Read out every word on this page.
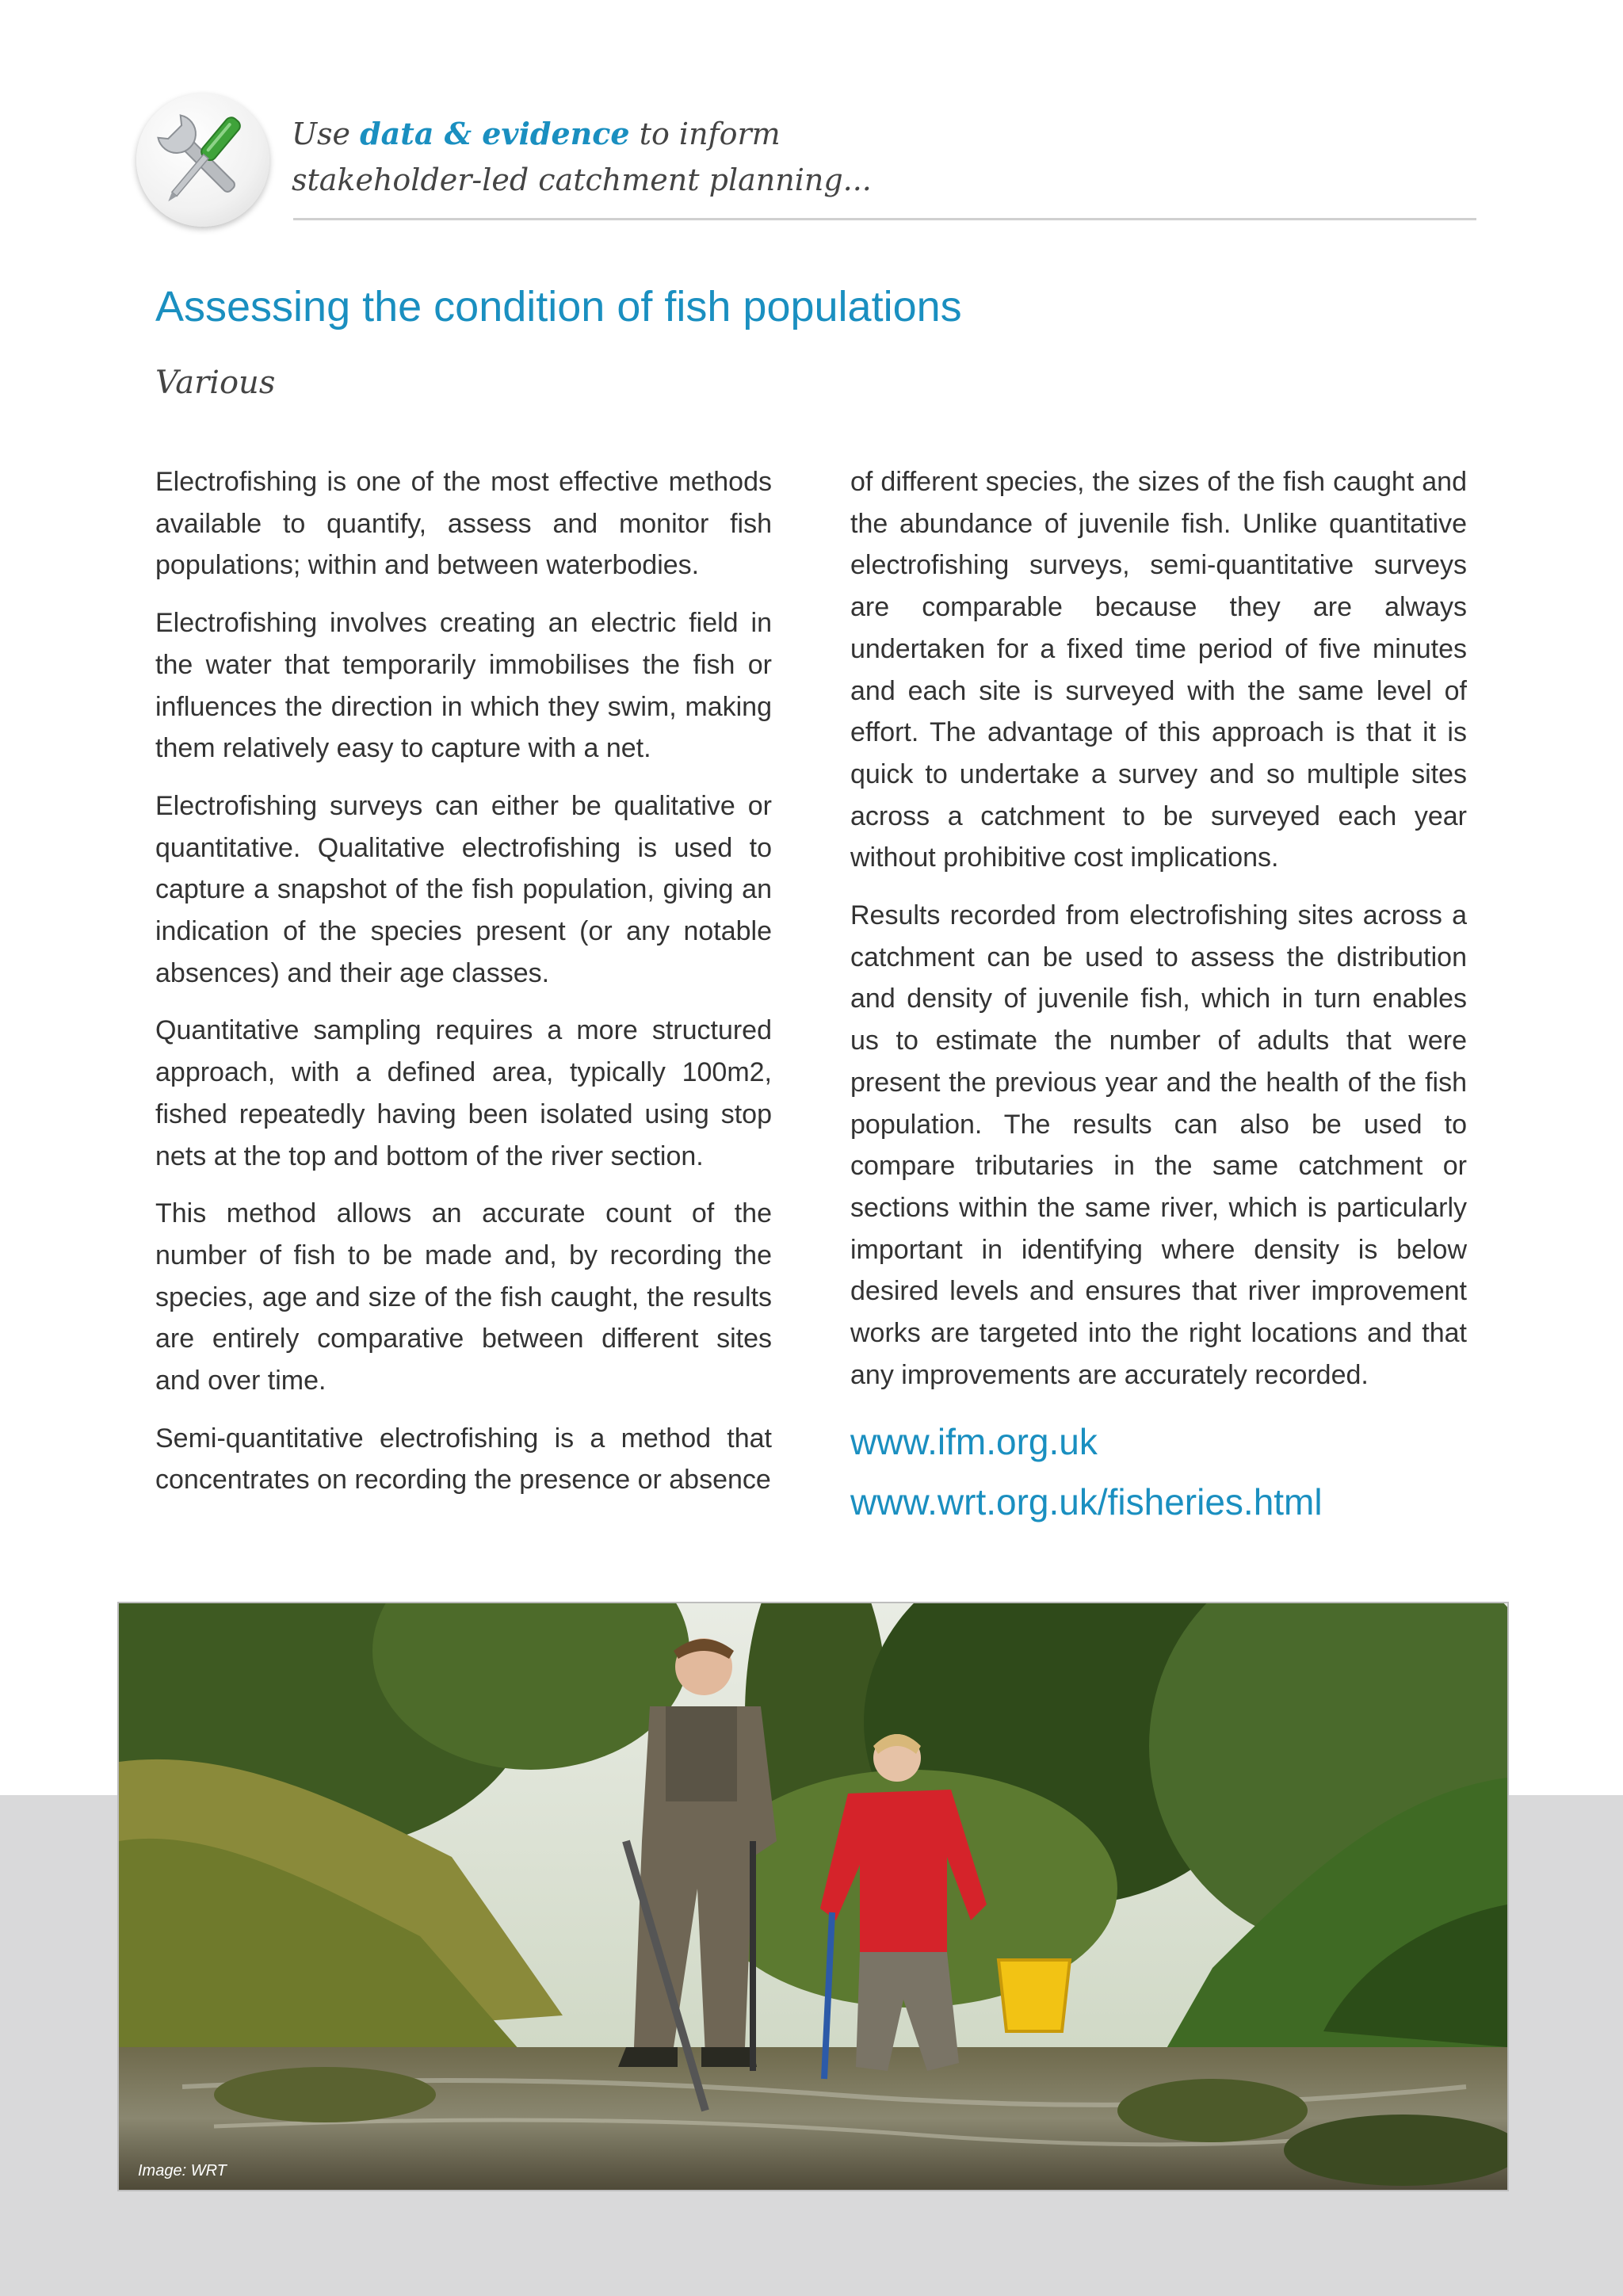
Use data & evidence to inform
stakeholder-led catchment planning...
Assessing the condition of fish populations
Various

Electrofishing is one of the most effective methods available to quantify, assess and monitor fish populations; within and between waterbodies.

Electrofishing involves creating an electric field in the water that temporarily immobilises the fish or influences the direction in which they swim, making them relatively easy to capture with a net.

Electrofishing surveys can either be qualitative or quantitative. Qualitative electrofishing is used to capture a snapshot of the fish population, giving an indication of the species present (or any notable absences) and their age classes.

Quantitative sampling requires a more structured approach, with a defined area, typically 100m2, fished repeatedly having been isolated using stop nets at the top and bottom of the river section.

This method allows an accurate count of the number of fish to be made and, by recording the species, age and size of the fish caught, the results are entirely comparative between different sites and over time.

Semi-quantitative electrofishing is a method that concentrates on recording the presence or absence

of different species, the sizes of the fish caught and the abundance of juvenile fish. Unlike quantitative electrofishing surveys, semi-quantitative surveys are comparable because they are always undertaken for a fixed time period of five minutes and each site is surveyed with the same level of effort. The advantage of this approach is that it is quick to undertake a survey and so multiple sites across a catchment to be surveyed each year without prohibitive cost implications.

Results recorded from electrofishing sites across a catchment can be used to assess the distribution and density of juvenile fish, which in turn enables us to estimate the number of adults that were present the previous year and the health of the fish population. The results can also be used to compare tributaries in the same catchment or sections within the same river, which is particularly important in identifying where density is below desired levels and ensures that river improvement works are targeted into the right locations and that any improvements are accurately recorded.

www.ifm.org.uk
www.wrt.org.uk/fisheries.html
Image: WRT
